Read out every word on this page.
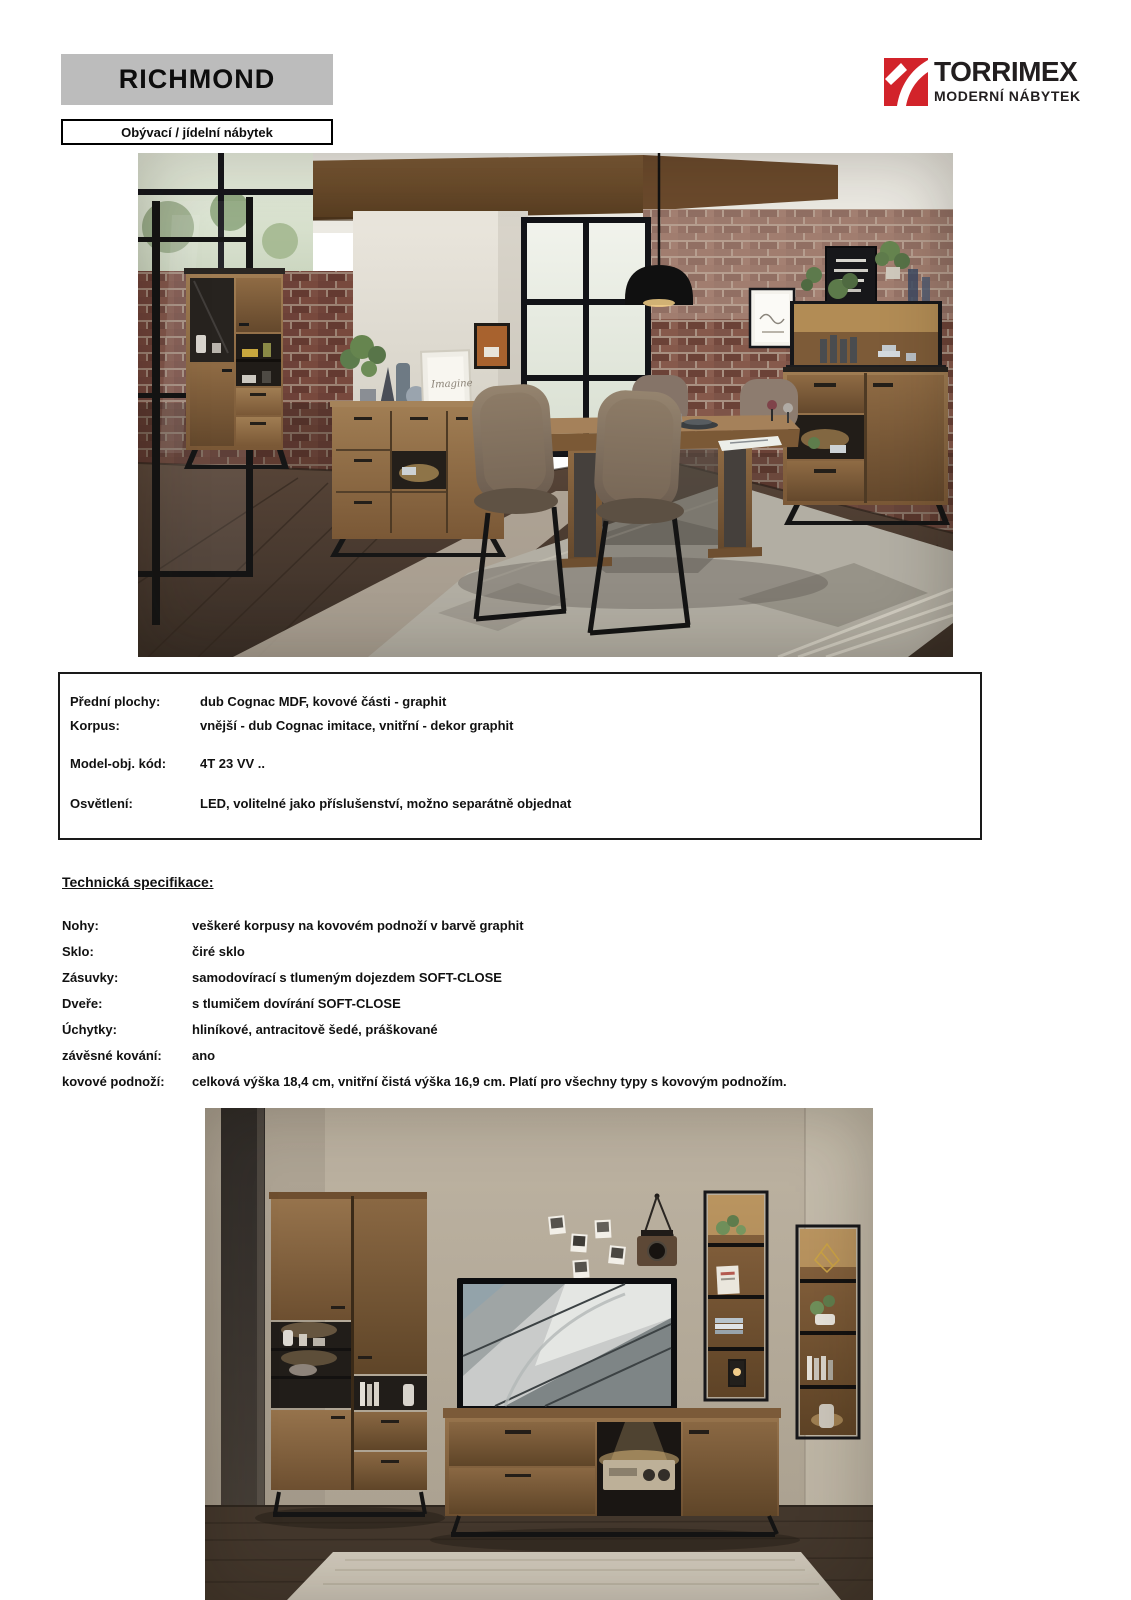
RICHMOND
Obývací / jídelní nábytek
TORRIMEX
MODERNÍ NÁBYTEK
Imagine
Přední plochy:	dub Cognac MDF, kovové části - graphit
Korpus:	vnější - dub Cognac imitace, vnitřní - dekor graphit
Model-obj. kód:	4T 23 VV ..
Osvětlení:	LED, volitelné jako příslušenství, možno separátně objednat
Technická specifikace:
Nohy:	veškeré korpusy na kovovém podnoží v barvě graphit
Sklo:	čiré sklo
Zásuvky:	samodovírací s tlumeným dojezdem SOFT-CLOSE
Dveře:	s tlumičem dovírání SOFT-CLOSE
Úchytky:	hliníkové, antracitově šedé, práškované
závěsné kování: ano
kovové podnoží: celková výška 18,4 cm, vnitřní čistá výška 16,9 cm. Platí pro všechny typy s kovovým podnožím.
